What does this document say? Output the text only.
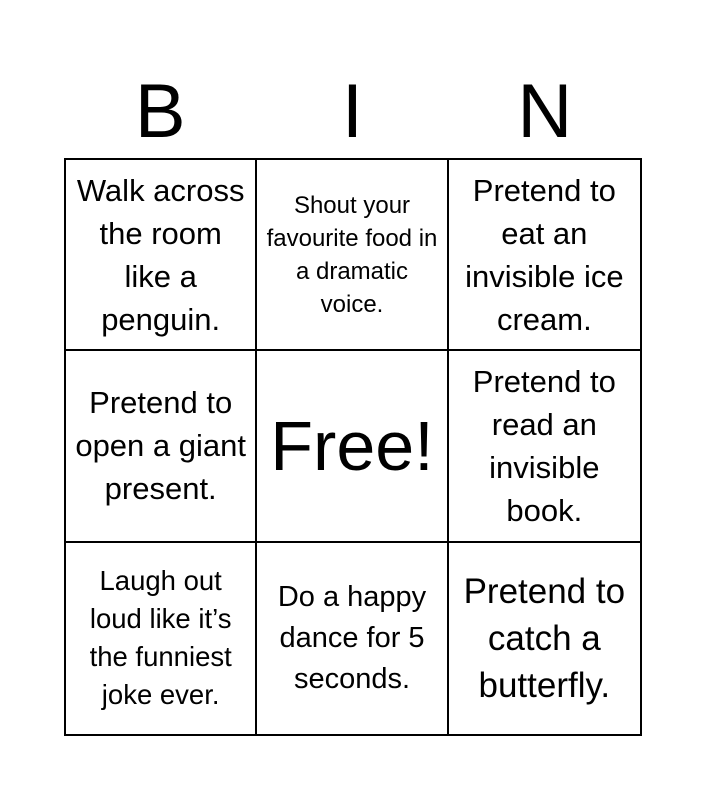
B	I	N
Walk across the room like a penguin.
Shout your favourite food in a dramatic voice.
Pretend to eat an invisible ice cream.
Pretend to open a giant present.
Free!
Pretend to read an invisible book.
Laugh out loud like it’s the funniest joke ever.
Do a happy dance for 5 seconds.
Pretend to catch a butterfly.
